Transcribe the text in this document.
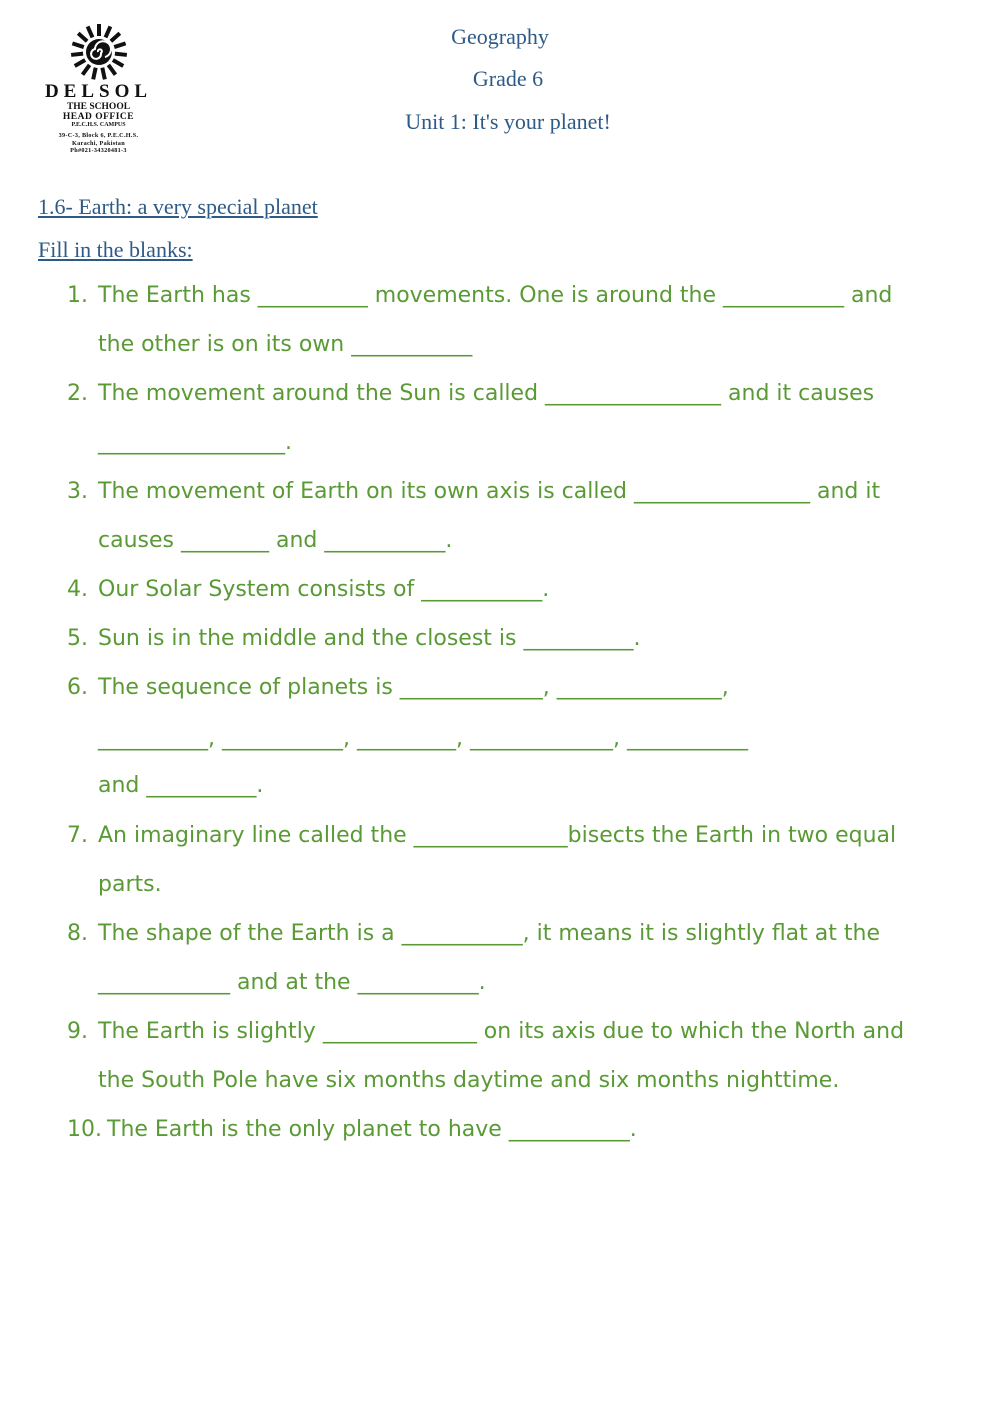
DELSOL
THE SCHOOL
HEAD OFFICE
P.E.C.H.S. CAMPUS
39-C-3, Block 6, P.E.C.H.S.
Karachi, Pakistan
Ph#021-34320481-3
Geography
Grade 6
Unit 1: It's your planet!
1.6- Earth: a very special planet
Fill in the blanks:
1. The Earth has __________ movements. One is around the ___________ and
the other is on its own ___________
2. The movement around the Sun is called ________________ and it causes
_________________.
3. The movement of Earth on its own axis is called ________________ and it
causes ________ and ___________.
4. Our Solar System consists of ___________.
5. Sun is in the middle and the closest is __________.
6. The sequence of planets is _____________, _______________,
__________, ___________, _________, _____________, ___________
and __________.
7. An imaginary line called the ______________bisects the Earth in two equal
parts.
8. The shape of the Earth is a ___________, it means it is slightly flat at the
____________ and at the ___________.
9. The Earth is slightly ______________ on its axis due to which the North and
the South Pole have six months daytime and six months nighttime.
10. The Earth is the only planet to have ___________.
